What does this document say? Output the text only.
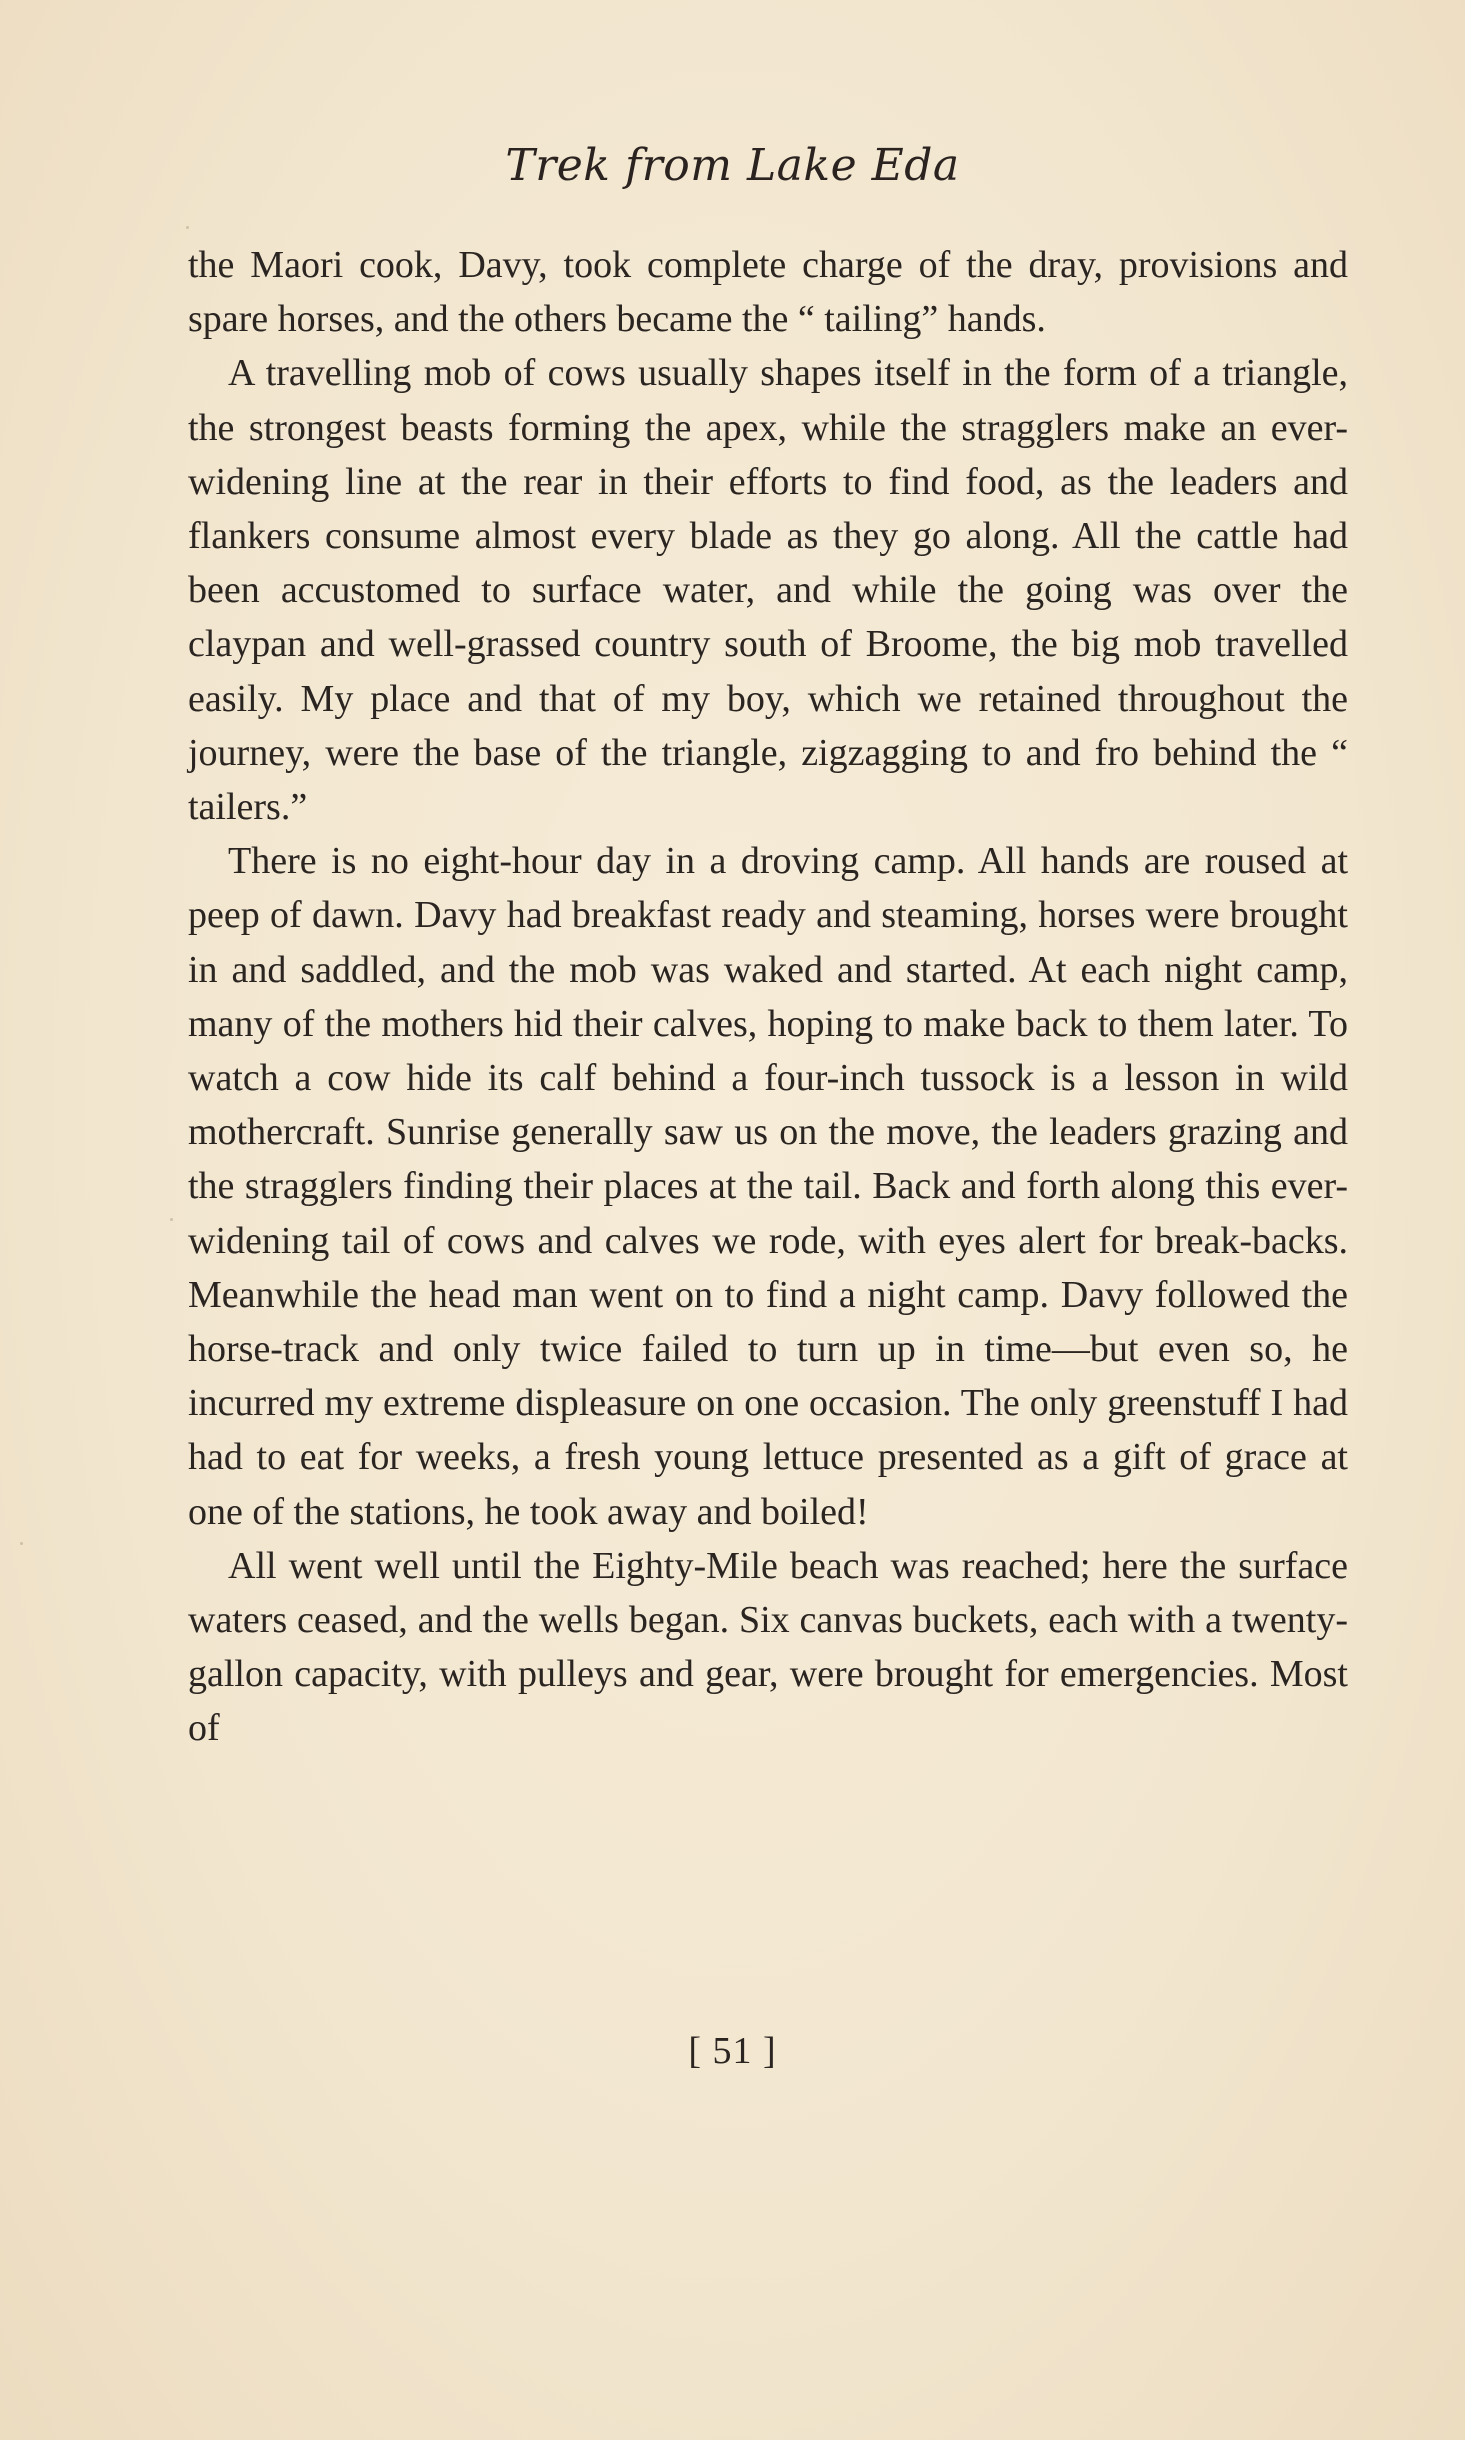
Trek from Lake Eda

the Maori cook, Davy, took complete charge of the dray, provisions and spare horses, and the others became the “ tailing” hands.

A travelling mob of cows usually shapes itself in the form of a triangle, the strongest beasts forming the apex, while the stragglers make an ever-widening line at the rear in their efforts to find food, as the leaders and flankers consume almost every blade as they go along. All the cattle had been accustomed to surface water, and while the going was over the claypan and well-grassed country south of Broome, the big mob travelled easily. My place and that of my boy, which we retained throughout the journey, were the base of the triangle, zigzagging to and fro behind the “ tailers.”

There is no eight-hour day in a droving camp. All hands are roused at peep of dawn. Davy had breakfast ready and steaming, horses were brought in and saddled, and the mob was waked and started. At each night camp, many of the mothers hid their calves, hoping to make back to them later. To watch a cow hide its calf behind a four-inch tussock is a lesson in wild mothercraft. Sunrise generally saw us on the move, the leaders grazing and the stragglers finding their places at the tail. Back and forth along this ever-widening tail of cows and calves we rode, with eyes alert for break-backs. Meanwhile the head man went on to find a night camp. Davy followed the horse-track and only twice failed to turn up in time—but even so, he incurred my extreme displeasure on one occasion. The only greenstuff I had had to eat for weeks, a fresh young lettuce presented as a gift of grace at one of the stations, he took away and boiled!

All went well until the Eighty-Mile beach was reached; here the surface waters ceased, and the wells began. Six canvas buckets, each with a twenty-gallon capacity, with pulleys and gear, were brought for emergencies. Most of

[ 51 ]
